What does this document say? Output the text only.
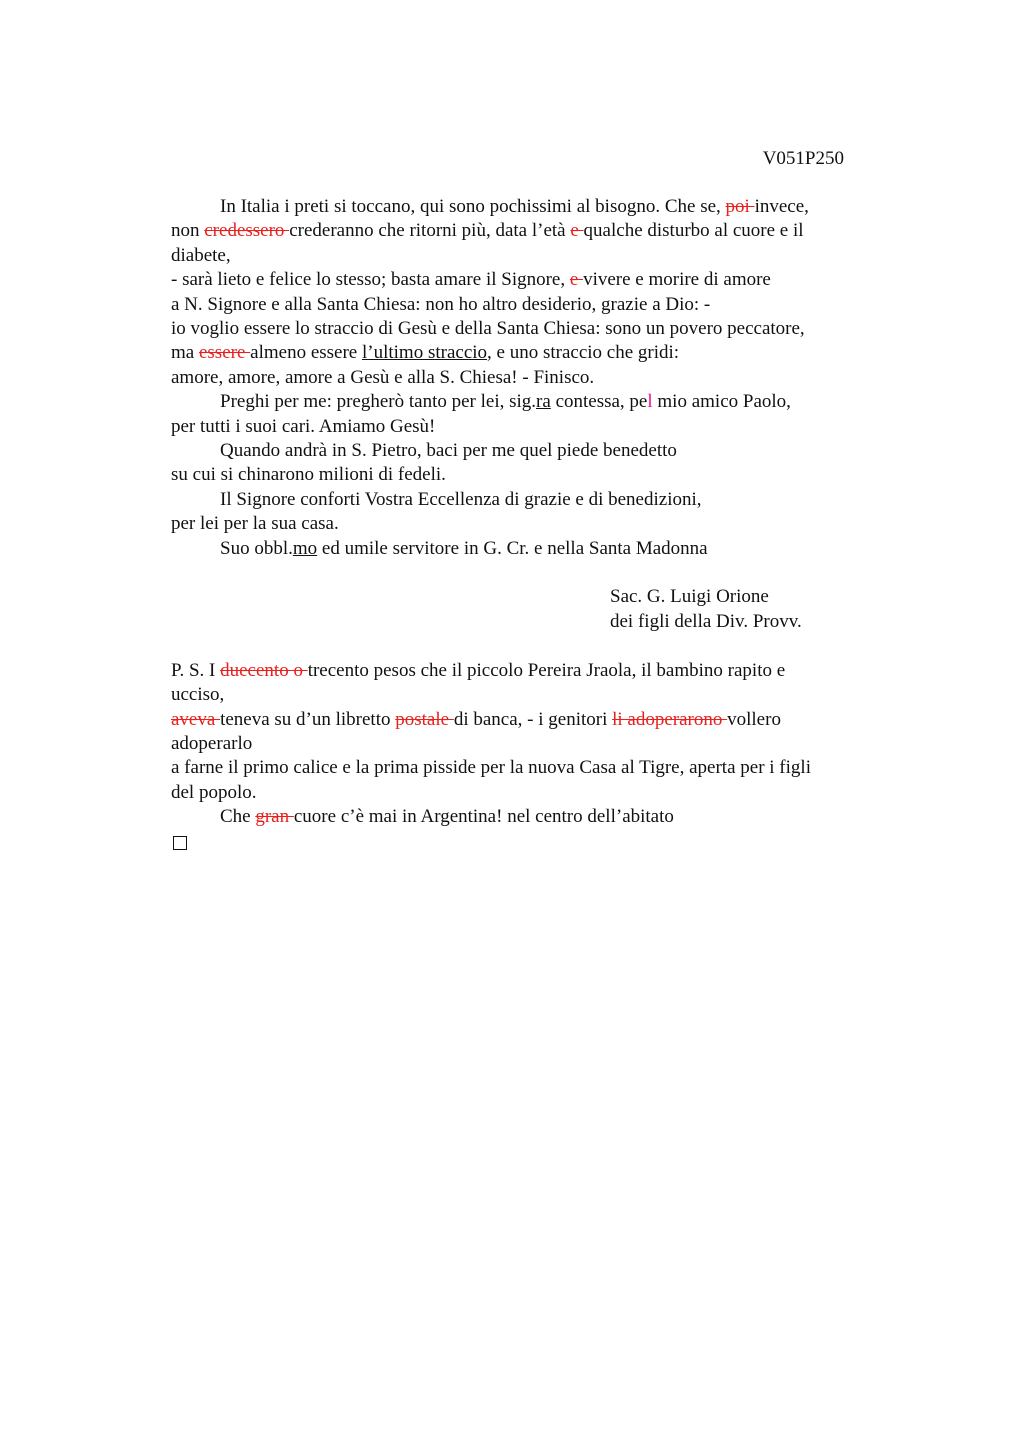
V051P250
In Italia i preti si toccano, qui sono pochissimi al bisogno. Che se, poi invece,
non credessero crederanno che ritorni più, data l’età e qualche disturbo al cuore e il
diabete,
- sarà lieto e felice lo stesso; basta amare il Signore, e vivere e morire di amore
a N. Signore e alla Santa Chiesa: non ho altro desiderio, grazie a Dio: -
io voglio essere lo straccio di Gesù e della Santa Chiesa: sono un povero peccatore,
ma essere almeno essere l’ultimo straccio, e uno straccio che gridi:
amore, amore, amore a Gesù e alla S. Chiesa! - Finisco.
Preghi per me: pregherò tanto per lei, sig.ra contessa, pel mio amico Paolo,
per tutti i suoi cari. Amiamo Gesù!
Quando andrà in S. Pietro, baci per me quel piede benedetto
su cui si chinarono milioni di fedeli.
Il Signore conforti Vostra Eccellenza di grazie e di benedizioni,
per lei per la sua casa.
Suo obbl.mo ed umile servitore in G. Cr. e nella Santa Madonna
Sac. G. Luigi Orione
dei figli della Div. Provv.
P. S. I duecento o trecento pesos che il piccolo Pereira Jraola, il bambino rapito e
ucciso,
aveva teneva su d’un libretto postale di banca, - i genitori li adoperarono vollero
adoperarlo
a farne il primo calice e la prima pisside per la nuova Casa al Tigre, aperta per i figli
del popolo.
Che gran cuore c’è mai in Argentina! nel centro dell’abitato
